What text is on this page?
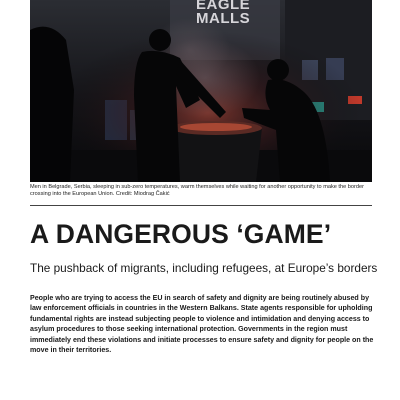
EAGLE
MALLS
Men in Belgrade, Serbia, sleeping in sub-zero temperatures, warm themselves while waiting for another opportunity to make the border crossing into the European Union. Credit: Miodrag Čakić
A DANGEROUS ‘GAME’
The pushback of migrants, including refugees, at Europe’s borders

People who are trying to access the EU in search of safety and dignity are being routinely abused by law enforcement officials in countries in the Western Balkans. State agents responsible for upholding fundamental rights are instead subjecting people to violence and intimidation and denying access to asylum procedures to those seeking international protection. Governments in the region must immediately end these violations and initiate processes to ensure safety and dignity for people on the move in their territories.
